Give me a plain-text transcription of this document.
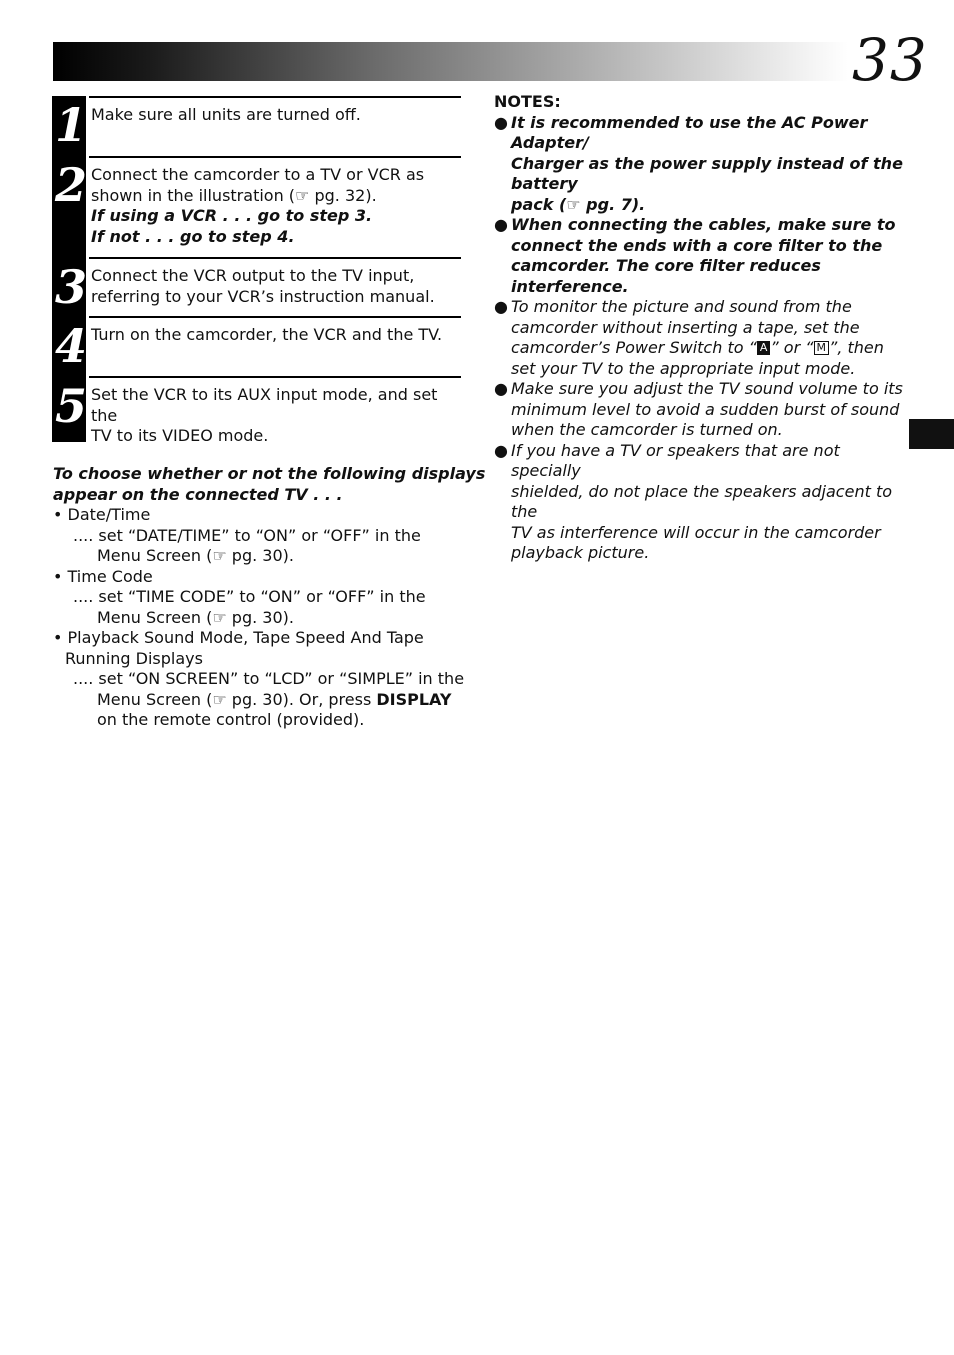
33
1 Make sure all units are turned off.
2 Connect the camcorder to a TV or VCR as
shown in the illustration (☞ pg. 32).
If using a VCR . . . go to step 3.
If not . . . go to step 4.
3 Connect the VCR output to the TV input,
referring to your VCR’s instruction manual.
4 Turn on the camcorder, the VCR and the TV.
5 Set the VCR to its AUX input mode, and set the
TV to its VIDEO mode.
To choose whether or not the following displays
appear on the connected TV . . .
• Date/Time
.... set “DATE/TIME” to “ON” or “OFF” in the
Menu Screen (☞ pg. 30).
• Time Code
.... set “TIME CODE” to “ON” or “OFF” in the
Menu Screen (☞ pg. 30).
• Playback Sound Mode, Tape Speed And Tape
Running Displays
.... set “ON SCREEN” to “LCD” or “SIMPLE” in the
Menu Screen (☞ pg. 30). Or, press DISPLAY
on the remote control (provided).
NOTES:
● It is recommended to use the AC Power Adapter/
Charger as the power supply instead of the battery
pack (☞ pg. 7).
● When connecting the cables, make sure to
connect the ends with a core filter to the
camcorder. The core filter reduces interference.
● To monitor the picture and sound from the
camcorder without inserting a tape, set the
camcorder’s Power Switch to “ A ” or “ M ”, then
set your TV to the appropriate input mode.
● Make sure you adjust the TV sound volume to its
minimum level to avoid a sudden burst of sound
when the camcorder is turned on.
● If you have a TV or speakers that are not specially
shielded, do not place the speakers adjacent to the
TV as interference will occur in the camcorder
playback picture.
